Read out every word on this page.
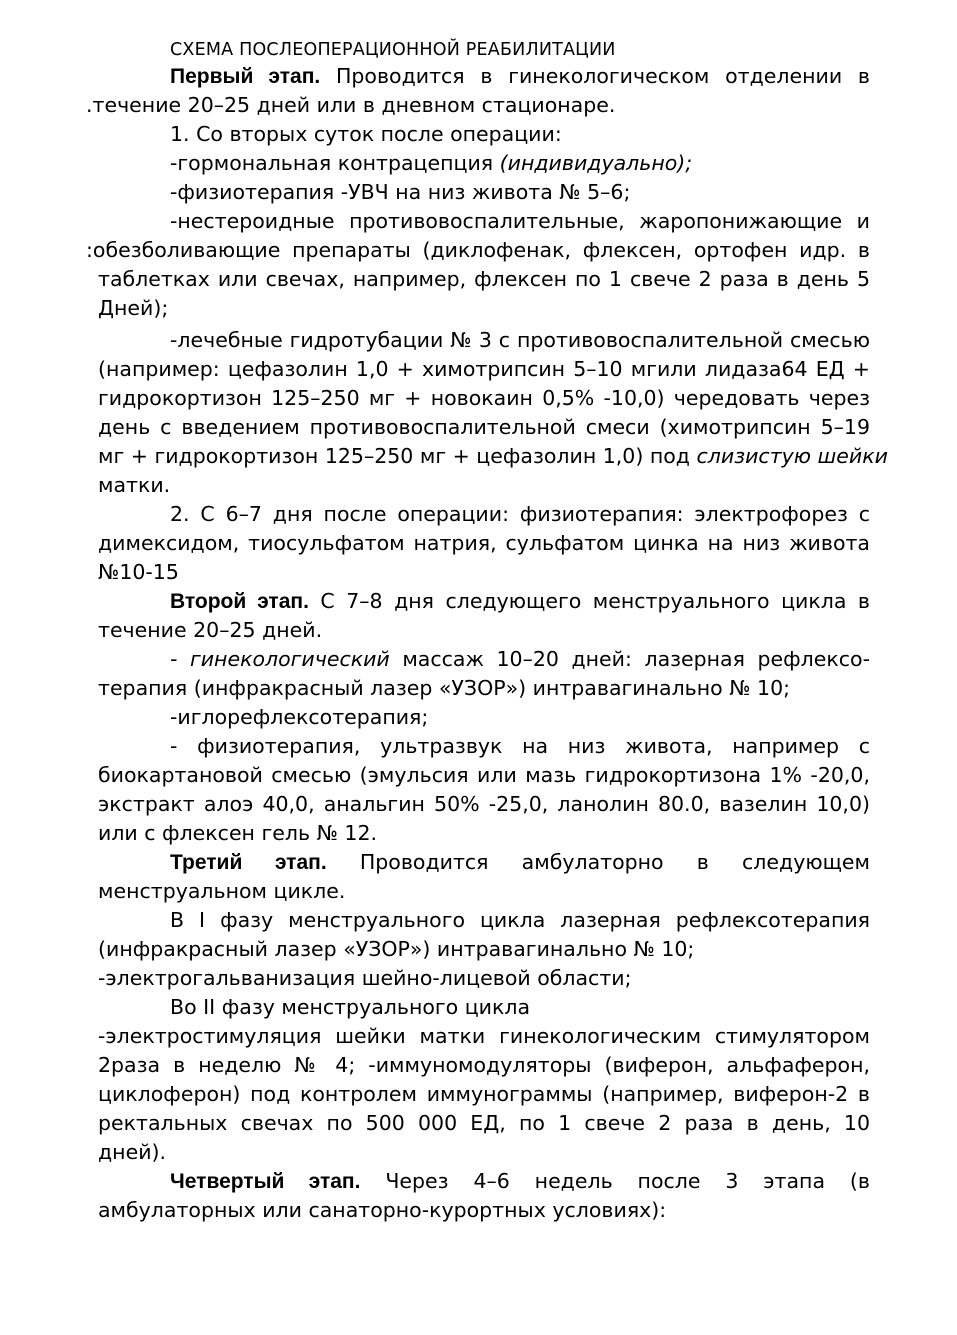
СХЕМА ПОСЛЕОПЕРАЦИОННОЙ РЕАБИЛИТАЦИИ
Первый этап. Проводится в гинекологическом отделении в
.течение 20–25 дней или в дневном стационаре.
1. Со вторых суток после операции:
-гормональная контрацепция (индивидуально);
-физиотерапия -УВЧ на низ живота № 5–6;
-нестероидные противовоспалительные, жаропонижающие и
:обезболивающие препараты (диклофенак, флексен, ортофен идр. в
таблетках или свечах, например, флексен по 1 свече 2 раза в день 5
Дней);
-лечебные гидротубации № 3 с противовоспалительной смесью
(например: цефазолин 1,0 + химотрипсин 5–10 мгили лидаза64 ЕД +
гидрокортизон 125–250 мг + новокаин 0,5% -10,0) чередовать через
день с введением противовоспалительной смеси (химотрипсин 5–19
мг + гидрокортизон 125–250 мг + цефазолин 1,0) под слизистую шейки
матки.
2. С 6–7 дня после операции: физиотерапия: электрофорез с
димексидом, тиосульфатом натрия, сульфатом цинка на низ живота
№10-15
Второй этап. С 7–8 дня следующего менструального цикла в
течение 20–25 дней.
- гинекологический массаж 10–20 дней: лазерная рефлексо-
терапия (инфракрасный лазер «УЗОР») интравагинально № 10;
-иглорефлексотерапия;
- физиотерапия, ультразвук на низ живота, например с
биокартановой смесью (эмульсия или мазь гидрокортизона 1% -20,0,
экстракт алоэ 40,0, анальгин 50% -25,0, ланолин 80.0, вазелин 10,0)
или с флексен гель № 12.
Третий этап. Проводится амбулаторно в следующем
менструальном цикле.
В I фазу менструального цикла лазерная рефлексотерапия
(инфракрасный лазер «УЗОР») интравагинально № 10;
-электрогальванизация шейно-лицевой области;
Во II фазу менструального цикла
-электростимуляция шейки матки гинекологическим стимулятором
2раза в неделю № 4; -иммуномодуляторы (виферон, альфаферон,
циклоферон) под контролем иммунограммы (например, виферон-2 в
ректальных свечах по 500 000 ЕД, по 1 свече 2 раза в день, 10
дней).
Четвертый этап. Через 4–6 недель после 3 этапа (в
амбулаторных или санаторно-курортных условиях):
